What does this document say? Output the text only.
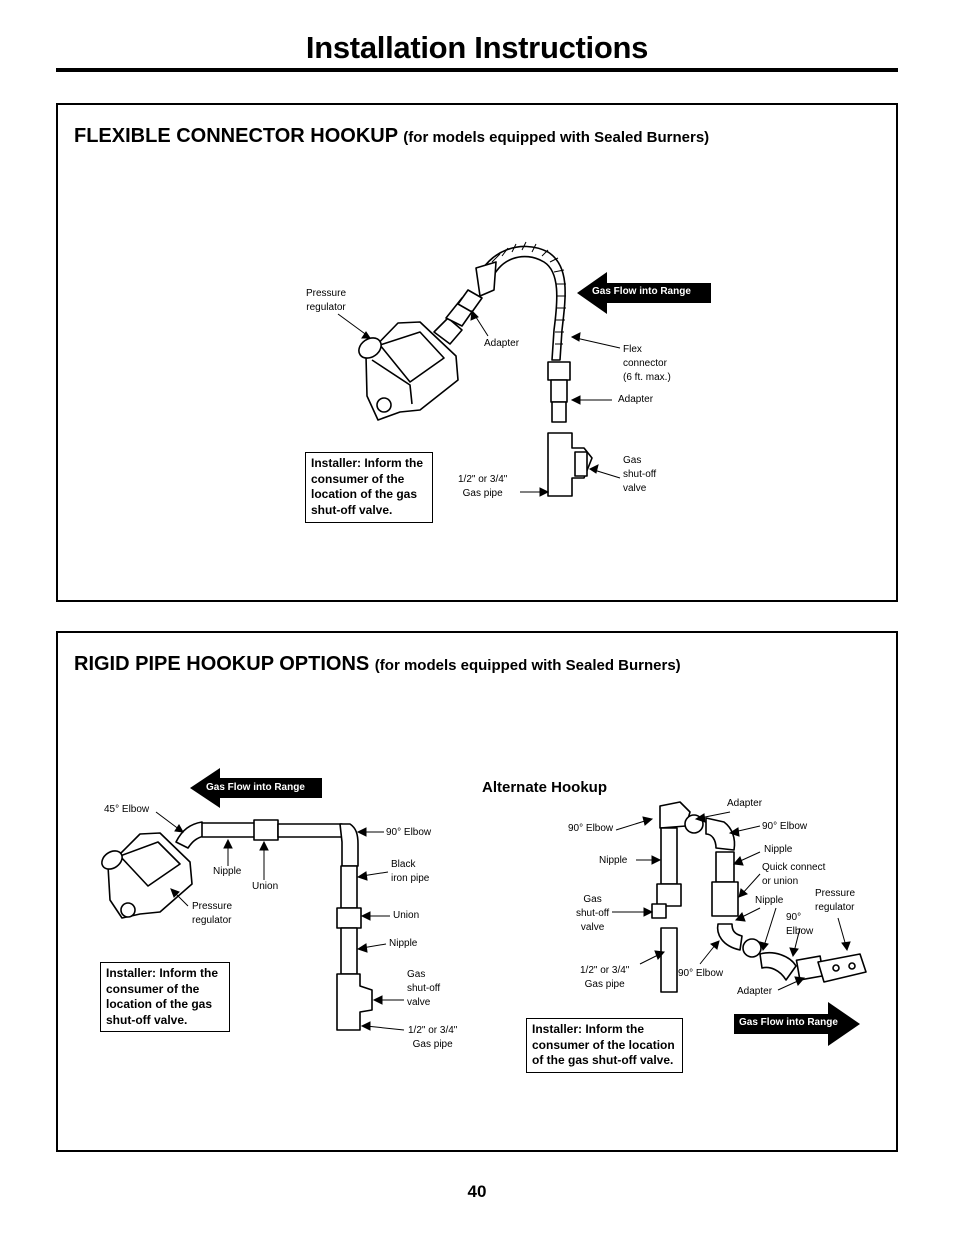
Installation Instructions
FLEXIBLE CONNECTOR HOOKUP (for models equipped with Sealed Burners)
Pressure
regulator
Adapter
Flex
connector
(6 ft. max.)
Adapter
Gas
shut-off
valve
1/2" or 3/4"
Gas pipe
Gas Flow into Range
Installer: Inform the
consumer of the
location of the gas
shut-off valve.
RIGID PIPE HOOKUP OPTIONS (for models equipped with Sealed Burners)
45° Elbow
Nipple
Union
Pressure
regulator
90° Elbow
Black
iron pipe
Union
Nipple
Gas
shut-off
valve
1/2" or 3/4"
Gas pipe
Gas Flow into Range
Installer: Inform the
consumer of the
location of the gas
shut-off valve.
Alternate Hookup
Adapter
90° Elbow	90° Elbow
Nipple
Nipple
Quick connect
or union
Gas
shut-off
valve
Nipple
Pressure
regulator
90°
Elbow
1/2" or 3/4"
Gas pipe
90° Elbow
Adapter
Gas Flow into Range
Installer: Inform the
consumer of the location
of the gas shut-off valve.
40
